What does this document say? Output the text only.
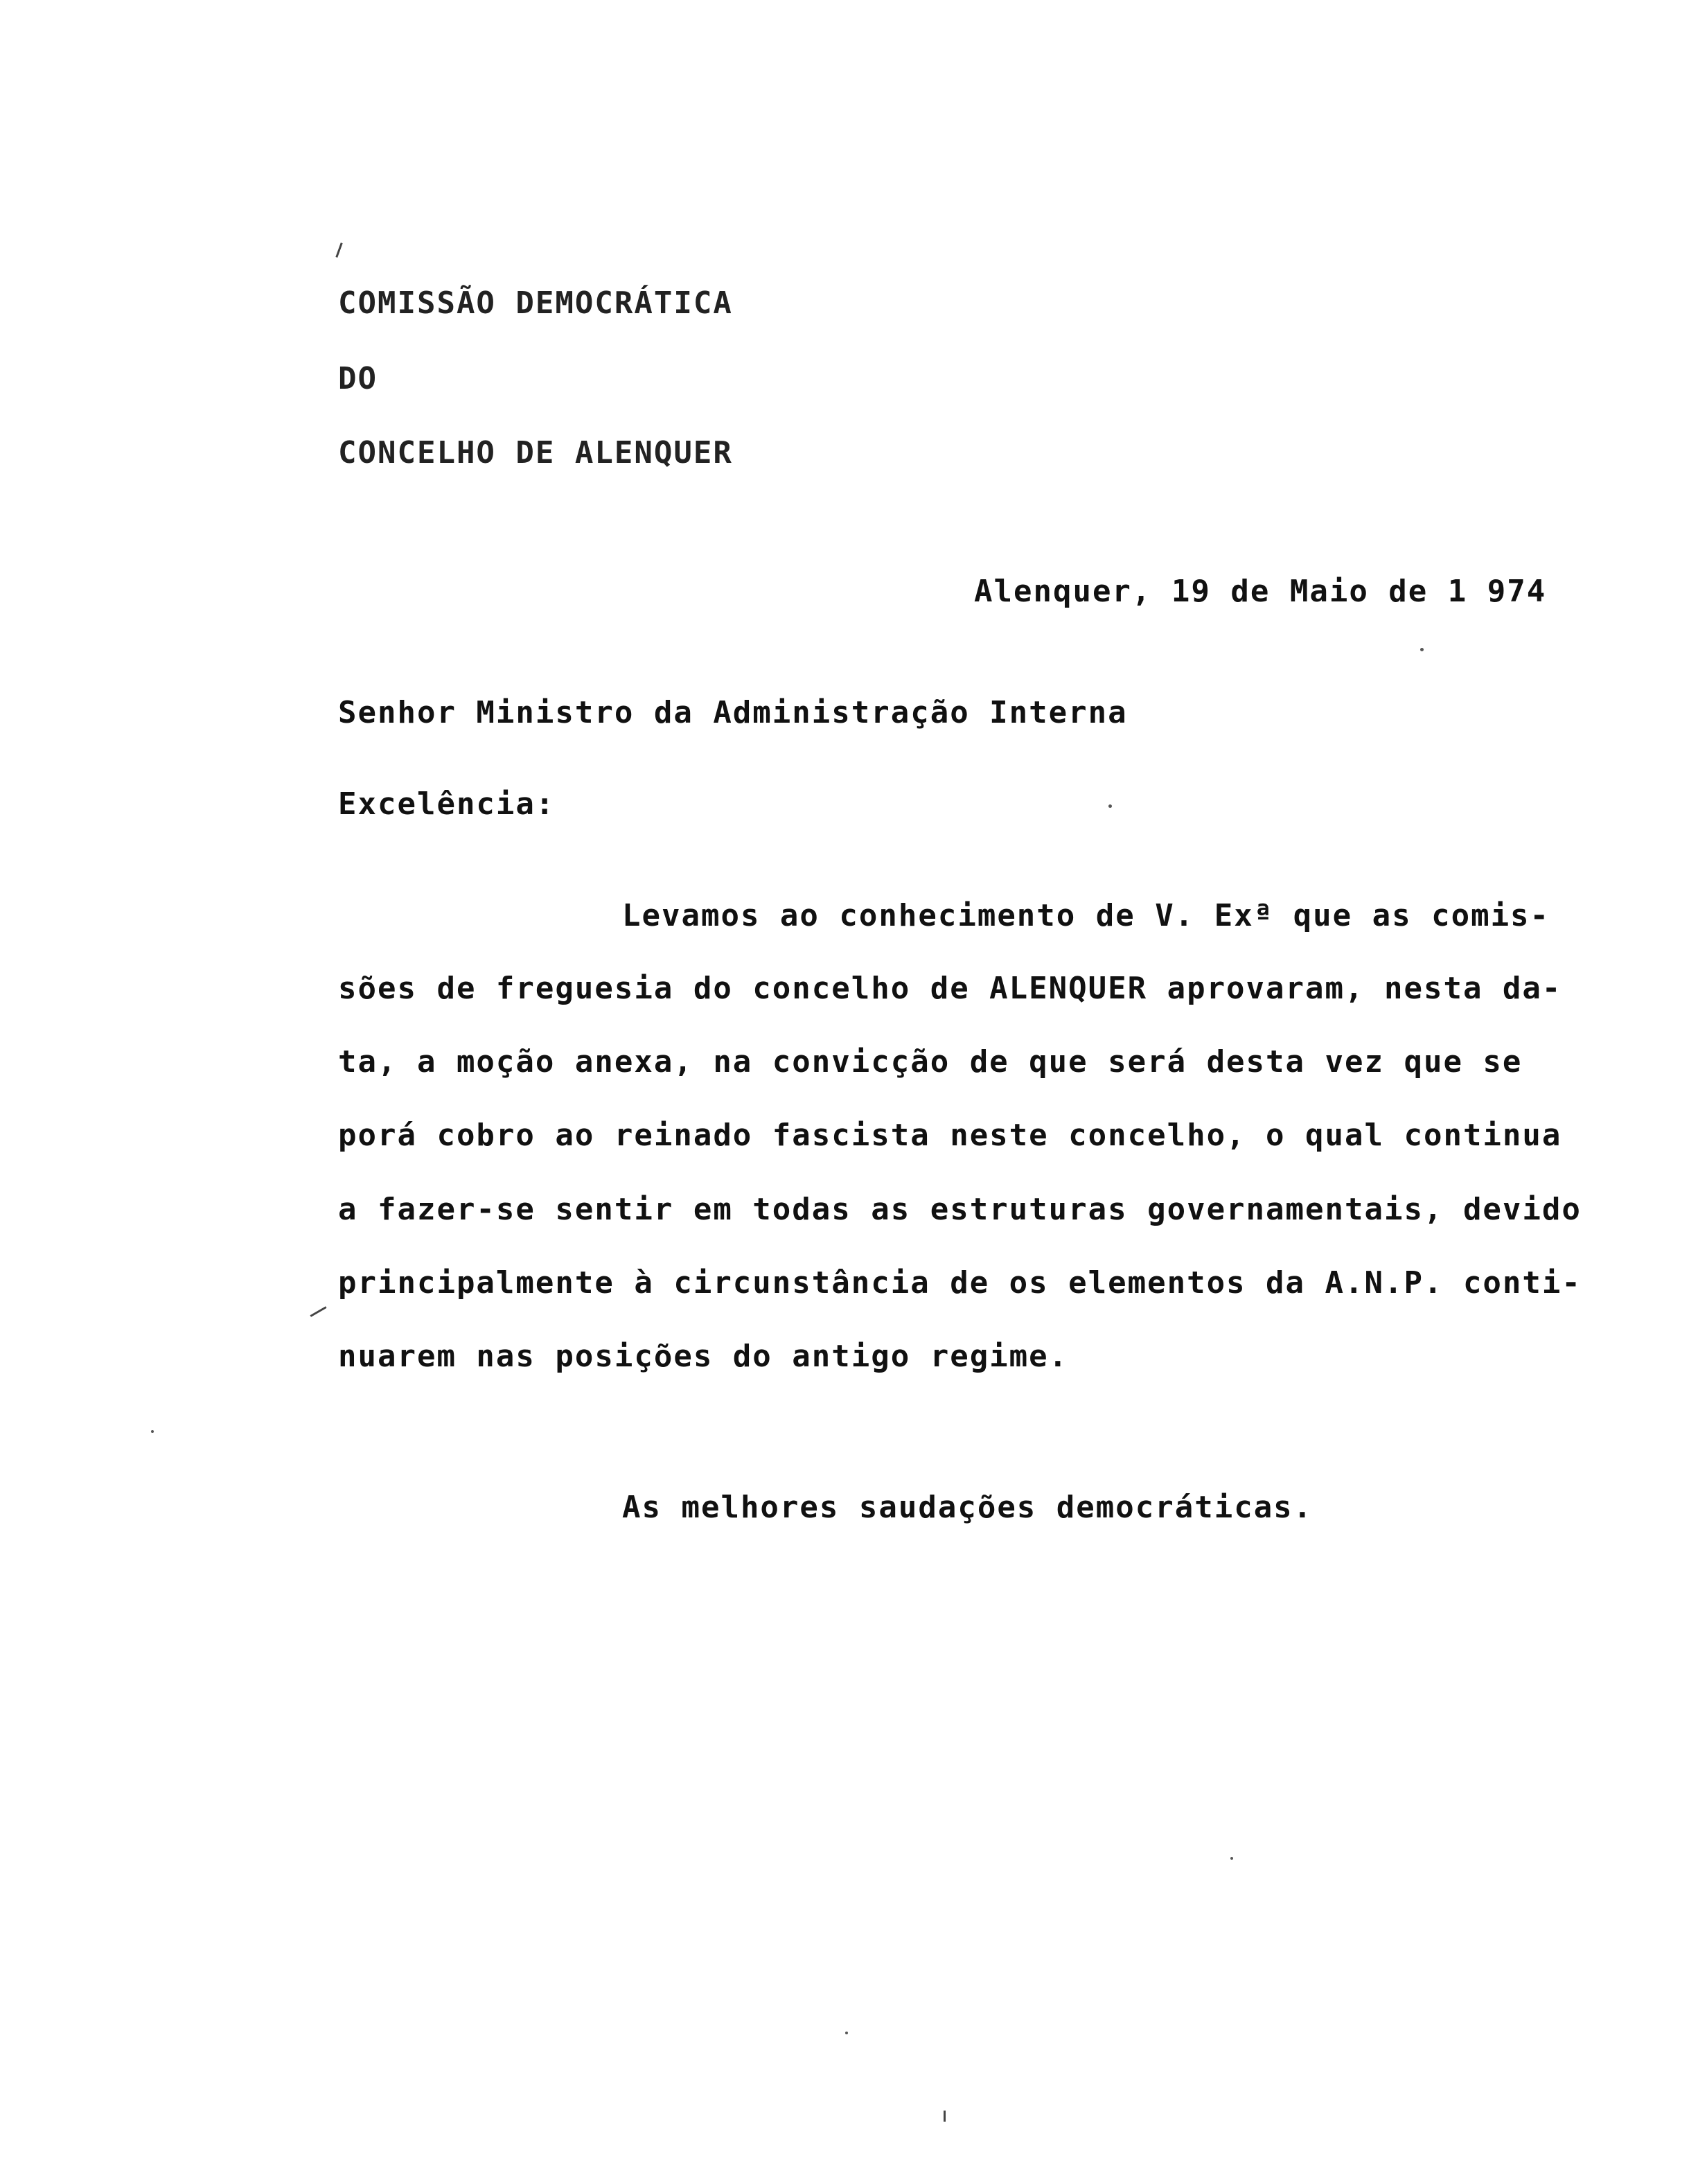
COMISSÃO DEMOCRÁTICA
DO
CONCELHO DE ALENQUER
Alenquer, 19 de Maio de 1 974
Senhor Ministro da Administração Interna
Excelência:
Levamos ao conhecimento de V. Exª que as comis-
sões de freguesia do concelho de ALENQUER aprovaram, nesta da-
ta, a moção anexa, na convicção de que será desta vez que se
porá cobro ao reinado fascista neste concelho, o qual continua
a fazer-se sentir em todas as estruturas governamentais, devido
principalmente à circunstância de os elementos da A.N.P. conti-
nuarem nas posições do antigo regime.
As melhores saudações democráticas.
